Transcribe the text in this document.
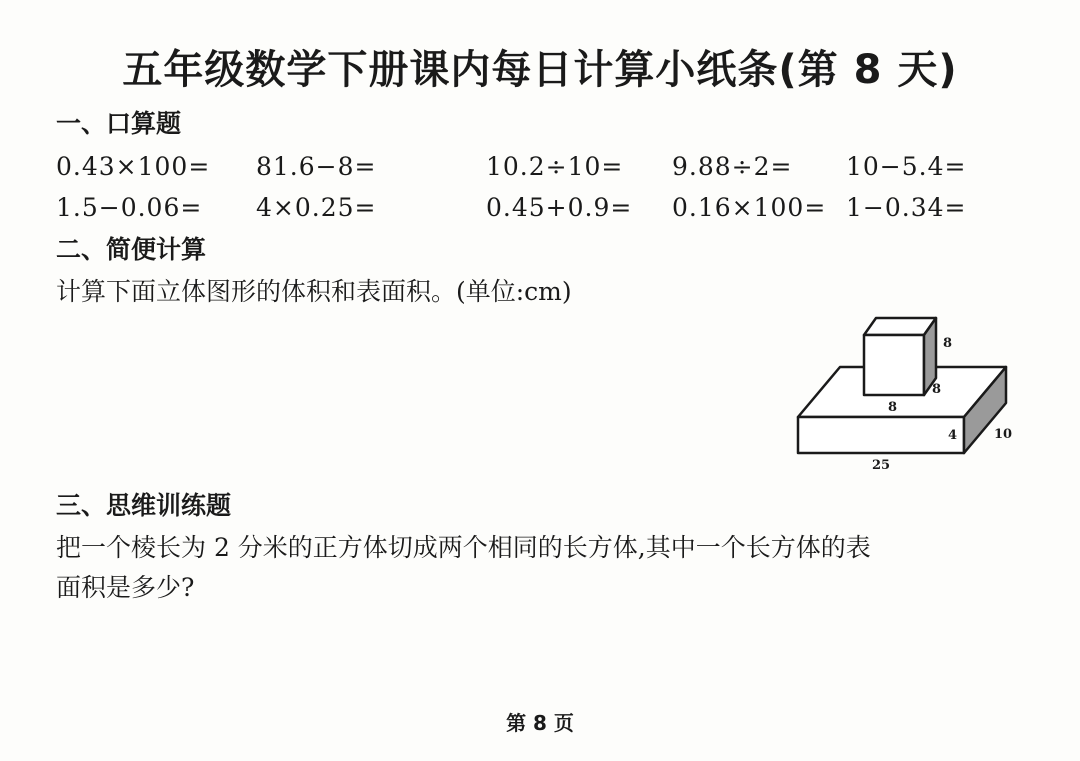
五年级数学下册课内每日计算小纸条(第 8 天)
一、口算题
0.43×100= 81.6−8=	10.2÷10= 9.88÷2= 10−5.4=
1.5−0.06= 4×0.25=	0.45+0.9= 0.16×100= 1−0.34=
二、简便计算
计算下面立体图形的体积和表面积。(单位:cm)
8
8
8
4	10
25
三、思维训练题
把一个棱长为 2 分米的正方体切成两个相同的长方体,其中一个长方体的表
面积是多少?
第 8 页
